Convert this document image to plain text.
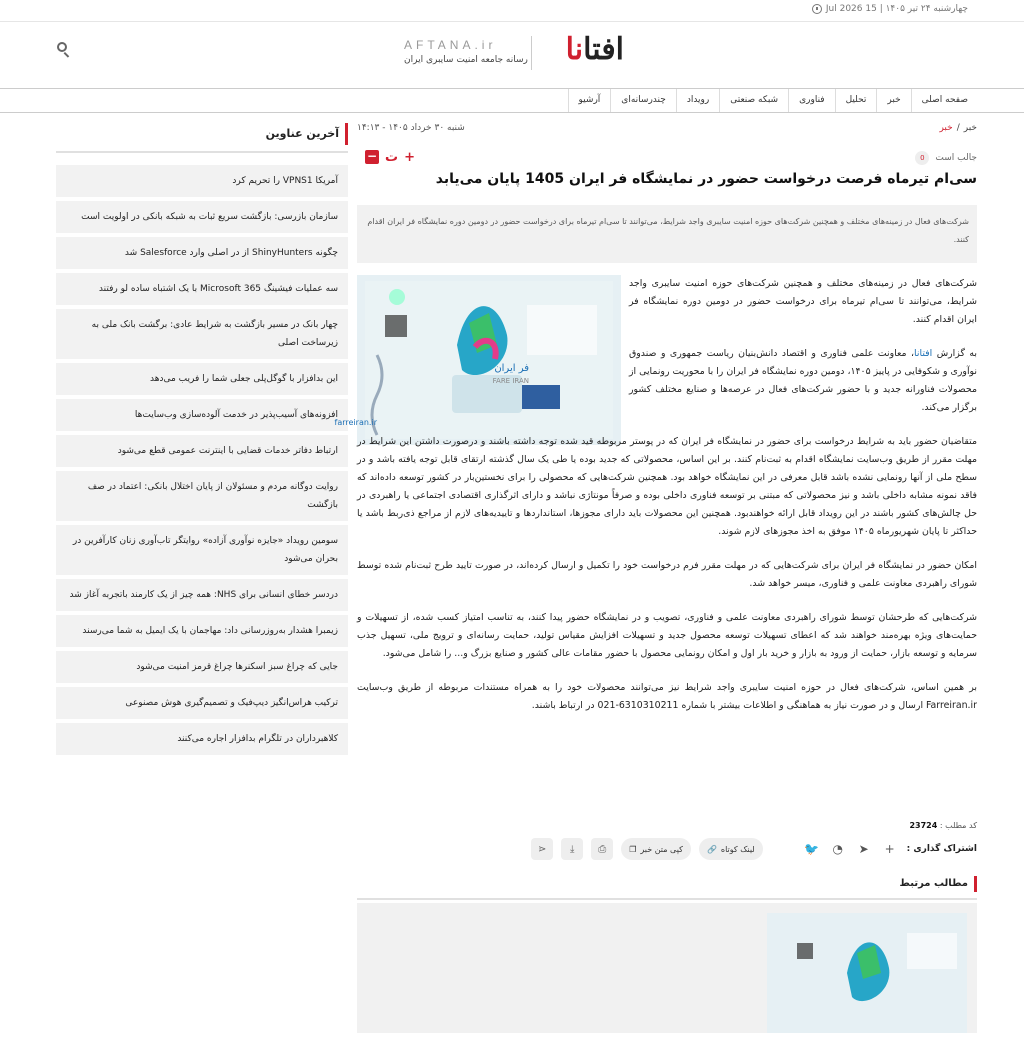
چهارشنبه ۲۴ تیر ۱۴۰۵ | 15 Jul 2026
افتانا
AFTANA.ir
رسانه جامعه امنیت سایبری ایران
صفحه اصلی
خبر
تحلیل
فناوری
شبکه صنعتی
رویداد
چندرسانه‌ای
آرشیو
آخرین عناوین
آمریکا VPNS1 را تحریم کرد
سازمان بازرسی: بازگشت سریع ثبات به شبکه بانکی در اولویت است
چگونه ShinyHunters از در اصلی وارد Salesforce شد
سه عملیات فیشینگ Microsoft 365 با یک اشتباه ساده لو رفتند
چهار بانک در مسیر بازگشت به شرایط عادی: برگشت بانک ملی به زیرساخت اصلی
این بدافزار با گوگل‌پلی جعلی شما را فریب می‌دهد
افزونه‌های آسیب‌پذیر در خدمت آلوده‌سازی وب‌سایت‌ها
ارتباط دفاتر خدمات قضایی با اینترنت عمومی قطع می‌شود
روایت دوگانه مردم و مسئولان از پایان اختلال بانکی: اعتماد در صف بازگشت
سومین رویداد «جایزه نوآوری آزاده» روایتگر تاب‌آوری زنان کارآفرین در بحران می‌شود
دردسر خطای انسانی برای NHS: همه چیز از یک کارمند باتجربه آغاز شد
زیمبرا هشدار به‌روزرسانی داد: مهاجمان با یک ایمیل به شما می‌رسند
جایی که چراغ سبز اسکنرها چراغ قرمز امنیت می‌شود
ترکیب هراس‌انگیز دیپ‌فیک و تصمیم‌گیری هوش مصنوعی
کلاهبرداران در تلگرام بدافزار اجاره می‌کنند
خبر
/
خبر
شنبه ۳۰ خرداد ۱۴۰۵ - ۱۴:۱۳
جالب است
0
− ت +
سی‌ام تیرماه فرصت درخواست حضور در نمایشگاه فر ایران 1405 پایان می‌یابد
شرکت‌های فعال در زمینه‌های مختلف و همچنین شرکت‌های حوزه امنیت سایبری واجد شرایط، می‌توانند تا سی‌ام تیرماه برای درخواست حضور در دومین دوره نمایشگاه فر ایران اقدام کنند.
فر ایران
FARE IRAN
farreiran.ir

شرکت‌های فعال در زمینه‌های مختلف و همچنین شرکت‌های حوزه امنیت سایبری واجد شرایط، می‌توانند تا سی‌ام تیرماه برای درخواست حضور در دومین دوره نمایشگاه فر ایران اقدام کنند.

به گزارش افتانا، معاونت علمی فناوری و اقتصاد دانش‌بنیان ریاست جمهوری و صندوق نوآوری و شکوفایی در پاییز ۱۴۰۵، دومین دوره نمایشگاه فر ایران را با محوریت رونمایی از محصولات فناورانه جدید و با حضور شرکت‌های فعال در عرصه‌ها و صنایع مختلف کشور برگزار می‌کند.

متقاضیان حضور باید به شرایط درخواست برای حضور در نمایشگاه فر ایران که در پوستر مربوطه قید شده توجه داشته باشند و درصورت داشتن این شرایط در مهلت مقرر از طریق وب‌سایت نمایشگاه اقدام به ثبت‌نام کنند. بر این اساس، محصولاتی که جدید بوده یا طی یک سال گذشته ارتقای قابل توجه یافته باشد و در سطح ملی از آنها رونمایی نشده باشد قابل معرفی در این نمایشگاه خواهد بود. همچنین شرکت‌هایی که محصولی را برای نخستین‌بار در کشور توسعه داده‌اند که فاقد نمونه مشابه داخلی باشد و نیز محصولاتی که مبتنی بر توسعه فناوری داخلی بوده و صرفاً مونتاژی نباشد و دارای اثرگذاری اقتصادی اجتماعی یا راهبردی در حل چالش‌های کشور باشند در این رویداد قابل ارائه خواهندبود. همچنین این محصولات باید دارای مجوزها، استانداردها و تاییدیه‌های لازم از مراجع ذی‌ربط باشد یا حداکثر تا پایان شهریورماه ۱۴۰۵ موفق به اخذ مجوزهای لازم شوند.

امکان حضور در نمایشگاه فر ایران برای شرکت‌هایی که در مهلت مقرر فرم درخواست خود را تکمیل و ارسال کرده‌اند، در صورت تایید طرح ثبت‌نام شده توسط شورای راهبردی معاونت علمی و فناوری، میسر خواهد شد.

شرکت‌هایی که طرحشان توسط شورای راهبردی معاونت علمی و فناوری، تصویب و در نمایشگاه حضور پیدا کنند، به تناسب امتیاز کسب شده، از تسهیلات و حمایت‌های ویژه بهره‌مند خواهند شد که اعطای تسهیلات توسعه محصول جدید و تسهیلات افزایش مقیاس تولید، حمایت رسانه‌ای و ترویج ملی، تسهیل جذب سرمایه و توسعه بازار، حمایت از ورود به بازار و خرید بار اول و امکان رونمایی محصول با حضور مقامات عالی کشور و صنایع بزرگ و... را شامل می‌شود.

بر همین اساس، شرکت‌های فعال در حوزه امنیت سایبری واجد شرایط نیز می‌توانند محصولات خود را به همراه مستندات مربوطه از طریق وب‌سایت Farreiran.ir ارسال و در صورت نیاز به هماهنگی و اطلاعات بیشتر با شماره 6310310211-021 در ارتباط باشند.

کد مطلب : 23724
اشتراک گذاری :
+
➤
◔
🐦
لینک کوتاه
🔗
کپی متن خبر
❐
⎙
⤓
⋖
مطالب مرتبط
